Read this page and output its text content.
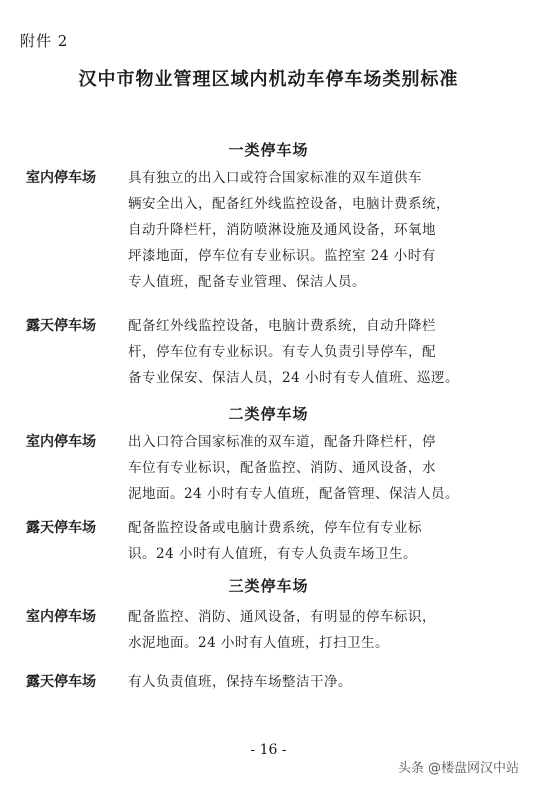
附件 2
汉中市物业管理区域内机动车停车场类别标准
一类停车场
室内停车场 具有独立的出入口或符合国家标准的双车道供车
辆安全出入，配备红外线监控设备，电脑计费系统，
自动升降栏杆，消防喷淋设施及通风设备，环氧地
坪漆地面，停车位有专业标识。监控室 24 小时有
专人值班，配备专业管理、保洁人员。
露天停车场 配备红外线监控设备，电脑计费系统，自动升降栏
杆，停车位有专业标识。有专人负责引导停车，配
备专业保安、保洁人员，24 小时有专人值班、巡逻。
二类停车场
室内停车场 出入口符合国家标准的双车道，配备升降栏杆，停
车位有专业标识，配备监控、消防、通风设备，水
泥地面。24 小时有专人值班，配备管理、保洁人员。
露天停车场 配备监控设备或电脑计费系统，停车位有专业标
识。24 小时有人值班，有专人负责车场卫生。
三类停车场
室内停车场 配备监控、消防、通风设备，有明显的停车标识，
水泥地面。24 小时有人值班，打扫卫生。
露天停车场 有人负责值班，保持车场整洁干净。
- 16 -
头条 @楼盘网汉中站
